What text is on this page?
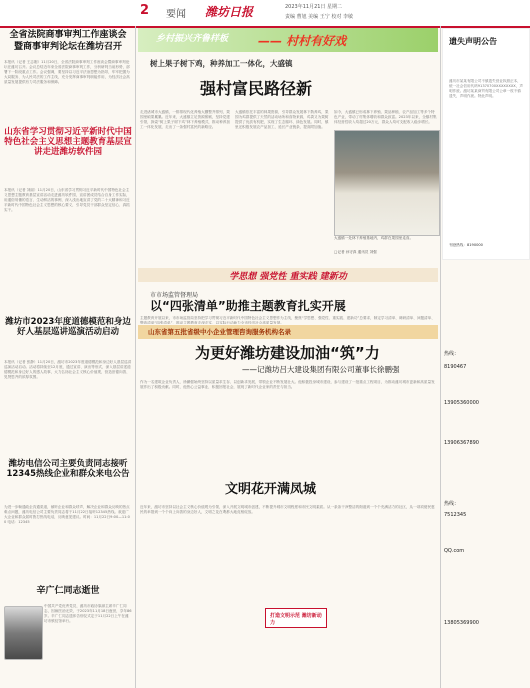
2 要闻 潍坊日报	2023年11月21日 星期二
责编 曹旭 美编 王宁 校对 李敏
全省法院商事审判工作座谈会
暨商事审判论坛在潍坊召开
本报讯（记者 王志刚）11月20日，全省法院商事审判工作座谈会暨商事审判论坛在潍坊召开。会议总结近年来全省法院商事审判工作，分析研判当前形势，部署下一阶段重点工作。会议强调，要坚持以习近平法治思想为指导，牢牢把握为大局服务、为人民司法的工作主线，充分发挥商事审判职能作用，为经济社会高质量发展提供有力司法服务和保障。
山东省学习贯彻习近平新时代中国特色社会主义思想主题教育基层宣讲走进潍坊软件园
本报讯（记者 刘丽）11月20日，山东省学习贯彻习近平新时代中国特色社会主义思想主题教育基层宣讲活动走进潍坊软件园，宣讲团成员结合自身工作实际，用通俗易懂的语言、生动鲜活的事例，深入浅出地宣讲了党的二十大精神和习近平新时代中国特色社会主义思想的核心要义，引导党员干部群众坚定信心、真抓实干。
潍坊市2023年度道德模范和身边好人基层巡讲巡演活动启动
本报讯（记者 张静）11月20日，潍坊市2023年度道德模范和身边好人基层巡讲巡演活动启动。活动将持续至12月底，通过宣讲、演出等形式，深入基层讲述道德模范和身边好人的感人故事，大力弘扬社会主义核心价值观，营造崇德向善、见贤思齐的浓厚氛围。
潍坊电信公司主要负责同志接听12345热线企业和群众来电公告
为进一步畅通政企沟通渠道，倾听企业和群众呼声，解决企业和群众反映的热点难点问题，潍坊电信公司主要负责同志将于11月22日接听12345热线。欢迎广大企业和群众届时拨打热线电话，反映意见建议。时间：11月22日9:00—11:00 电话：12345
辛广仁同志逝世
中国共产党优秀党员，潍坊市政协原副主席辛广仁同志，因病医治无效，于2023年11月18日逝世，享年86岁。辛广仁同志遗体告别仪式定于11月22日上午在潍坊市殡仪馆举行。
乡村振兴齐鲁样板 —— 村村有好戏
树上果子树下鸡，种养加工一体化，大盛镇
强村富民路径新
走进诸城市大盛镇，一排排现代化养殖大棚整齐排列，果园里硕果累累。近年来，大盛镇立足资源禀赋，坚持党建引领，探索“树上果子树下鸡”林下养殖模式，推动种养加工一体化发展，走出了一条强村富民的新路径。
大盛镇依托丰富的林果资源，引导群众发展林下散养鸡，果园为鸡群提供了天然的活动场所和食物来源，鸡粪又为果树提供了优质有机肥，实现了生态循环、绿色发展。同时，镇里还积极发展农产品加工，延长产业链条，提高附加值。
如今，大盛镇已形成林下养殖、果品种植、农产品加工等多个特色产业，带动了村集体增收和群众致富。2023年以来，全镇村集体经营性收入均超过20万元，群众人均可支配收入稳步增长。
大盛镇一处林下养殖基地内，鸡群在果园里觅食。
□记者 孙守真 通讯员 刘强
学思想 强党性 重实践 建新功
市市场监管督理局
以“四张清单”助推主题教育扎实开展
主题教育开展以来，市市场监管局坚持把学习贯彻习近平新时代中国特色社会主义思想作为主线，聚焦“学思想、强党性、重实践、建新功”总要求，制定学习清单、调研清单、问题清单、整改清单“四张清单”，推动主题教育走深走实，以实际行动助力全市经济社会高质量发展。
山东省第五批省级中小企业管理咨询服务机构名录
为更好潍坊建设加油“筑”力
——记潍坊吕大建设集团有限公司董事长徐鹏强
作为一名建筑企业负责人，徐鹏强始终坚持以质量求生存、以创新求发展，带领企业不断发展壮大。他积极投身城市建设，参与建设了一批重点工程项目，为推动潍坊城市更新和高质量发展作出了积极贡献。同时，他热心公益事业，积极回报社会，展现了新时代企业家的责任与担当。
文明花开满凤城
近年来，潍坊市坚持以社会主义核心价值观为引领，深入开展文明城市创建，不断提升城市文明程度和市民文明素质。从一条条干净整洁的街道到一个个充满活力的社区，从一项项便民惠民的举措到一个个向上向善的身边好人，文明之花在鸢都大地竞相绽放。
打造文明示范 潍坊新动力
遗失声明公告
潍坊市某某有限公司不慎遗失营业执照正本，统一社会信用代码91370700XXXXXXXX，声明作废。潍坊某某商贸有限公司公章一枚不慎遗失，声明作废。特此声明。
刊登热线：8190000
热线：
8190467
13905360000
13906367890
热线：
7512345
QQ.com
13805369900
